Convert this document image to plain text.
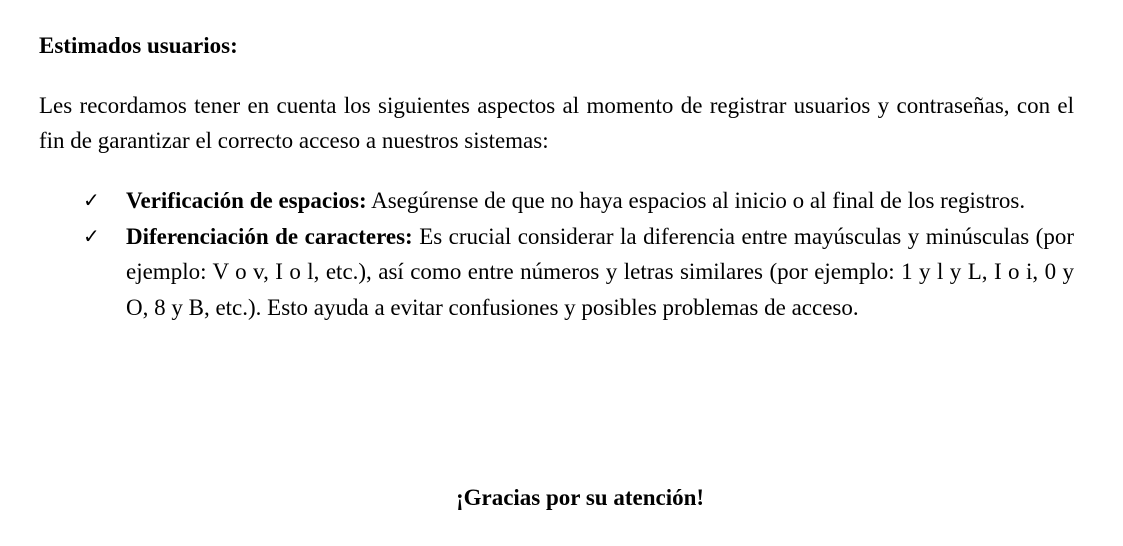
Estimados usuarios:

Les recordamos tener en cuenta los siguientes aspectos al momento de registrar usuarios y contraseñas, con el fin de garantizar el correcto acceso a nuestros sistemas:

✓ Verificación de espacios: Asegúrense de que no haya espacios al inicio o al final de los registros.
✓ Diferenciación de caracteres: Es crucial considerar la diferencia entre mayúsculas y minúsculas (por ejemplo: V o v, I o l, etc.), así como entre números y letras similares (por ejemplo: 1 y l y L, I o i, 0 y O, 8 y B, etc.). Esto ayuda a evitar confusiones y posibles problemas de acceso.
¡Gracias por su atención!
